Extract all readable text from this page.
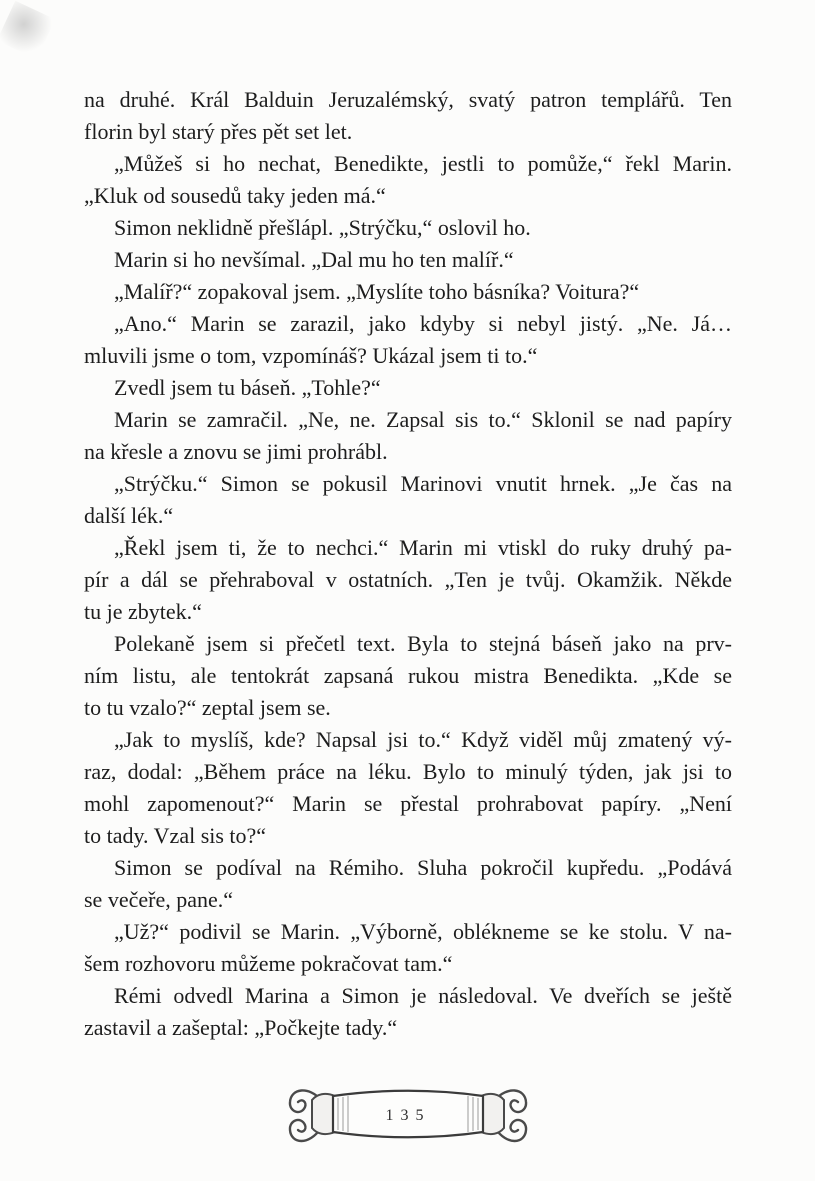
na druhé. Král Balduin Jeruzalémský, svatý patron templářů. Ten
florin byl starý přes pět set let.
„Můžeš si ho nechat, Benedikte, jestli to pomůže,“ řekl Marin.
„Kluk od sousedů taky jeden má.“
Simon neklidně přešlápl. „Strýčku,“ oslovil ho.
Marin si ho nevšímal. „Dal mu ho ten malíř.“
„Malíř?“ zopakoval jsem. „Myslíte toho básníka? Voitura?“
„Ano.“ Marin se zarazil, jako kdyby si nebyl jistý. „Ne. Já…
mluvili jsme o tom, vzpomínáš? Ukázal jsem ti to.“
Zvedl jsem tu báseň. „Tohle?“
Marin se zamračil. „Ne, ne. Zapsal sis to.“ Sklonil se nad papíry
na křesle a znovu se jimi prohrábl.
„Strýčku.“ Simon se pokusil Marinovi vnutit hrnek. „Je čas na
další lék.“
„Řekl jsem ti, že to nechci.“ Marin mi vtiskl do ruky druhý pa-
pír a dál se přehraboval v ostatních. „Ten je tvůj. Okamžik. Někde
tu je zbytek.“
Polekaně jsem si přečetl text. Byla to stejná báseň jako na prv-
ním listu, ale tentokrát zapsaná rukou mistra Benedikta. „Kde se
to tu vzalo?“ zeptal jsem se.
„Jak to myslíš, kde? Napsal jsi to.“ Když viděl můj zmatený vý-
raz, dodal: „Během práce na léku. Bylo to minulý týden, jak jsi to
mohl zapomenout?“ Marin se přestal prohrabovat papíry. „Není
to tady. Vzal sis to?“
Simon se podíval na Rémiho. Sluha pokročil kupředu. „Podává
se večeře, pane.“
„Už?“ podivil se Marin. „Výborně, oblékneme se ke stolu. V na-
šem rozhovoru můžeme pokračovat tam.“
Rémi odvedl Marina a Simon je následoval. Ve dveřích se ještě
zastavil a zašeptal: „Počkejte tady.“
135
